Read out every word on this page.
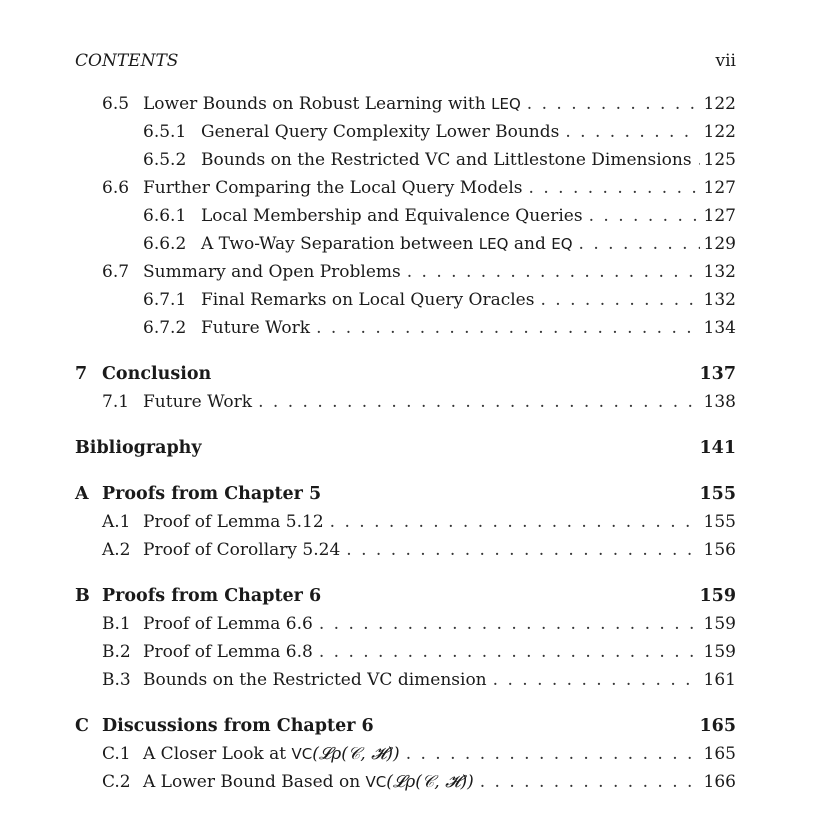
CONTENTS	vii
6.5 Lower Bounds on Robust Learning with LEQ . . .	122
6.5.1 General Query Complexity Lower Bounds . . .	122
6.5.2 Bounds on the Restricted VC and Littlestone Dimensions . . . 125
6.6 Further Comparing the Local Query Models . . .	127
6.6.1 Local Membership and Equivalence Queries . . .	127
6.6.2 A Two-Way Separation between LEQ and EQ . . .	129
6.7 Summary and Open Problems . . .	132
6.7.1 Final Remarks on Local Query Oracles . . .	132
6.7.2 Future Work . . .	134
7 Conclusion	137
7.1 Future Work . . .	138
Bibliography	141
A Proofs from Chapter 5	155
A.1 Proof of Lemma 5.12 . . .	155
A.2 Proof of Corollary 5.24 . . .	156
B Proofs from Chapter 6	159
B.1 Proof of Lemma 6.6 . . .	159
B.2 Proof of Lemma 6.8 . . .	159
B.3 Bounds on the Restricted VC dimension . . .	161
C Discussions from Chapter 6	165
C.1 A Closer Look at VC(𝓛ρ(𝒞, 𝓗)) . . .	165
C.2 A Lower Bound Based on VC(𝓛ρ(𝒞, 𝓗)) . . .	166
